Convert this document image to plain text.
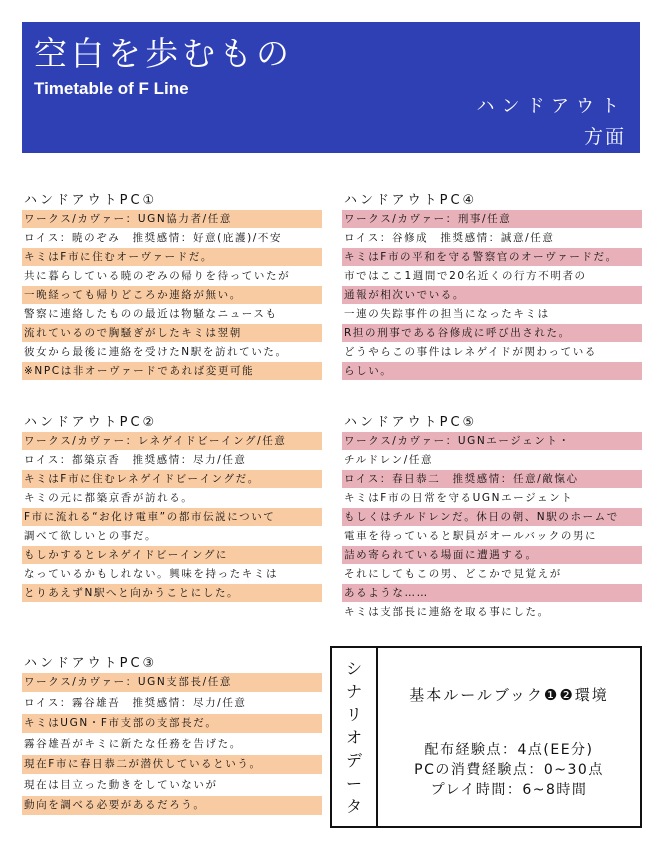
空白を歩むもの
Timetable of F Line
ハンドアウト
方面
ハンドアウトPC①
ワークス/カヴァー：UGN協力者/任意
ロイス：暁のぞみ　推奨感情：好意(庇護)/不安
キミはF市に住むオーヴァードだ。
共に暮らしている暁のぞみの帰りを待っていたが
一晩経っても帰りどころか連絡が無い。
警察に連絡したものの最近は物騒なニュースも
流れているので胸騒ぎがしたキミは翌朝
彼女から最後に連絡を受けたN駅を訪れていた。
※NPCは非オーヴァードであれば変更可能
ハンドアウトPC④
ワークス/カヴァー：刑事/任意
ロイス：谷修成　推奨感情：誠意/任意
キミはF市の平和を守る警察官のオーヴァードだ。
市ではここ1週間で20名近くの行方不明者の
通報が相次いでいる。
一連の失踪事件の担当になったキミは
R担の刑事である谷修成に呼び出された。
どうやらこの事件はレネゲイドが関わっている
らしい。
ハンドアウトPC②
ワークス/カヴァー：レネゲイドビーイング/任意
ロイス：都築京香　推奨感情：尽力/任意
キミはF市に住むレネゲイドビーイングだ。
キミの元に都築京香が訪れる。
F市に流れる“お化け電車”の都市伝説について
調べて欲しいとの事だ。
もしかするとレネゲイドビーイングに
なっているかもしれない。興味を持ったキミは
とりあえずN駅へと向かうことにした。
ハンドアウトPC⑤
ワークス/カヴァー：UGNエージェント・
チルドレン/任意
ロイス：春日恭二　推奨感情：任意/敵愾心
キミはF市の日常を守るUGNエージェント
もしくはチルドレンだ。休日の朝、N駅のホームで
電車を待っていると駅員がオールバックの男に
詰め寄られている場面に遭遇する。
それにしてもこの男、どこかで見覚えが
あるような……
キミは支部長に連絡を取る事にした。
ハンドアウトPC③
ワークス/カヴァー：UGN支部長/任意
ロイス：霧谷雄吾　推奨感情：尽力/任意
キミはUGN・F市支部の支部長だ。
霧谷雄吾がキミに新たな任務を告げた。
現在F市に春日恭二が潜伏しているという。
現在は目立った動きをしていないが
動向を調べる必要があるだろう。
シ
ナ
リ
オ
デ
ー
タ
基本ルールブック❶❷環境
配布経験点：4点(EE分)
PCの消費経験点：0~30点
プレイ時間：6~8時間
